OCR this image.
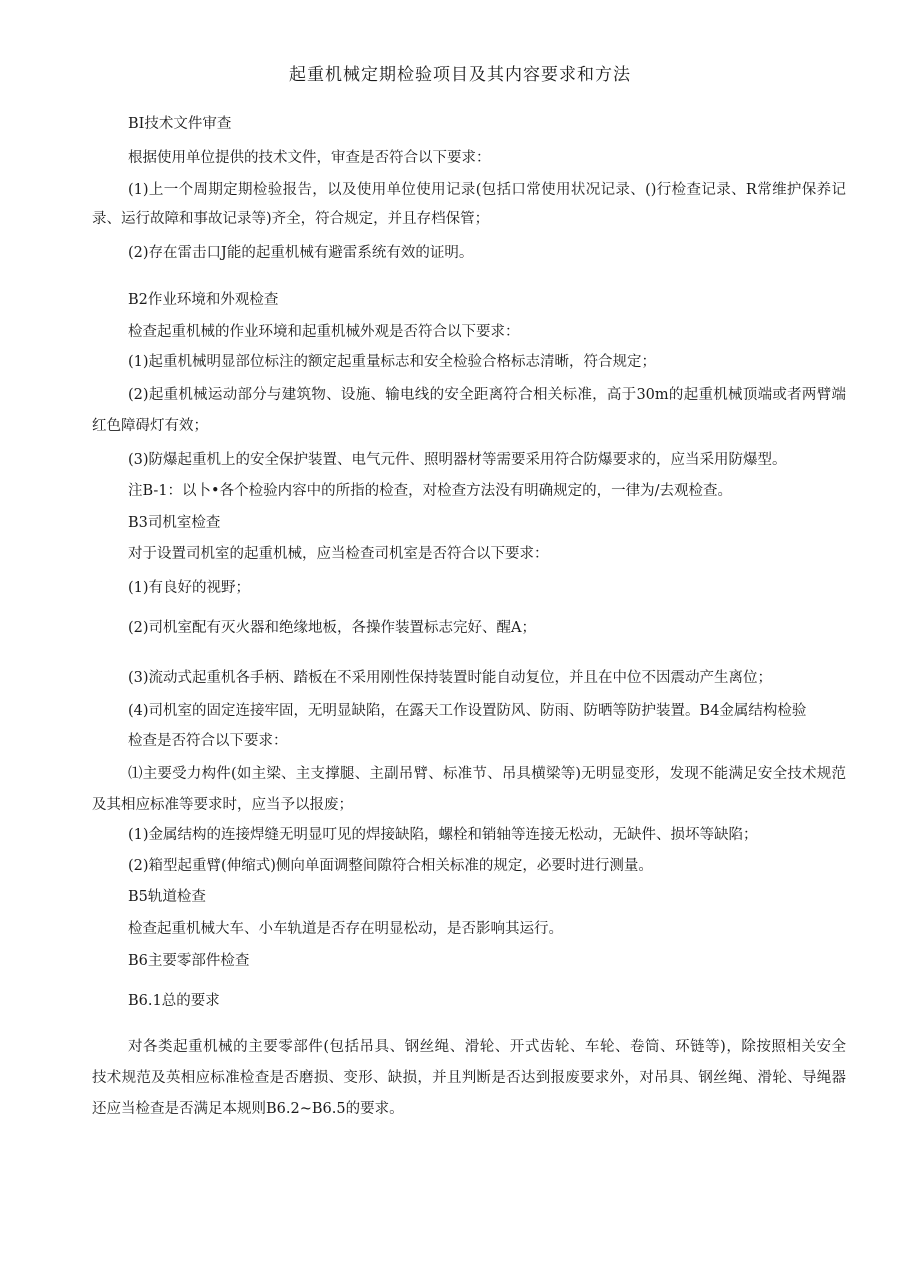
起重机械定期检验项目及其内容要求和方法

BI技术文件审查

根据使用单位提供的技术文件，审查是否符合以下要求：

(1)上一个周期定期检验报告，以及使用单位使用记录(包括口常使用状况记录、()行检查记录、R常维护保养记

录、运行故障和事故记录等)齐全，符合规定，并且存档保管；

(2)存在雷击口J能的起重机械有避雷系统有效的证明。

B2作业环境和外观检查

检查起重机械的作业环境和起重机械外观是否符合以下要求：

(1)起重机械明显部位标注的额定起重量标志和安全检验合格标志清晰，符合规定；

(2)起重机械运动部分与建筑物、设施、输电线的安全距离符合相关标准，高于30m的起重机械顶端或者两臂端

红色障碍灯有效；

(3)防爆起重机上的安全保护装置、电气元件、照明器材等需要采用符合防爆要求的，应当采用防爆型。

注B-1：以卜•各个检验内容中的所指的检查，对检查方法没有明确规定的，一律为/去观检查。

B3司机室检查

对于设置司机室的起重机械，应当检查司机室是否符合以下要求：

(1)有良好的视野；

(2)司机室配有灭火器和绝缘地板，各操作装置标志完好、醒A；

(3)流动式起重机各手柄、踏板在不采用刚性保持装置时能自动复位，并且在中位不因震动产生离位；

(4)司机室的固定连接牢固，无明显缺陷，在露天工作设置防风、防雨、防晒等防护装置。B4金属结构检验

检查是否符合以下要求：

⑴主要受力构件(如主梁、主支撑腿、主副吊臂、标准节、吊具横梁等)无明显变形，发现不能满足安全技术规范

及其相应标准等要求时，应当予以报废；

(1)金属结构的连接焊缝无明显叮见的焊接缺陷，螺栓和销轴等连接无松动，无缺件、损坏等缺陷；

(2)箱型起重臂(伸缩式)侧向单面调整间隙符合相关标准的规定，必要时进行测量。

B5轨道检查

检查起重机械大车、小车轨道是否存在明显松动，是否影响其运行。

B6主要零部件检查

B6.1总的要求

对各类起重机械的主要零部件(包括吊具、钢丝绳、滑轮、开式齿轮、车轮、卷筒、环链等)，除按照相关安全

技术规范及英相应标准检查是否磨损、变形、缺损，并且判断是否达到报废要求外，对吊具、钢丝绳、滑轮、导绳器

还应当检查是否满足本规则B6.2~B6.5的要求。
